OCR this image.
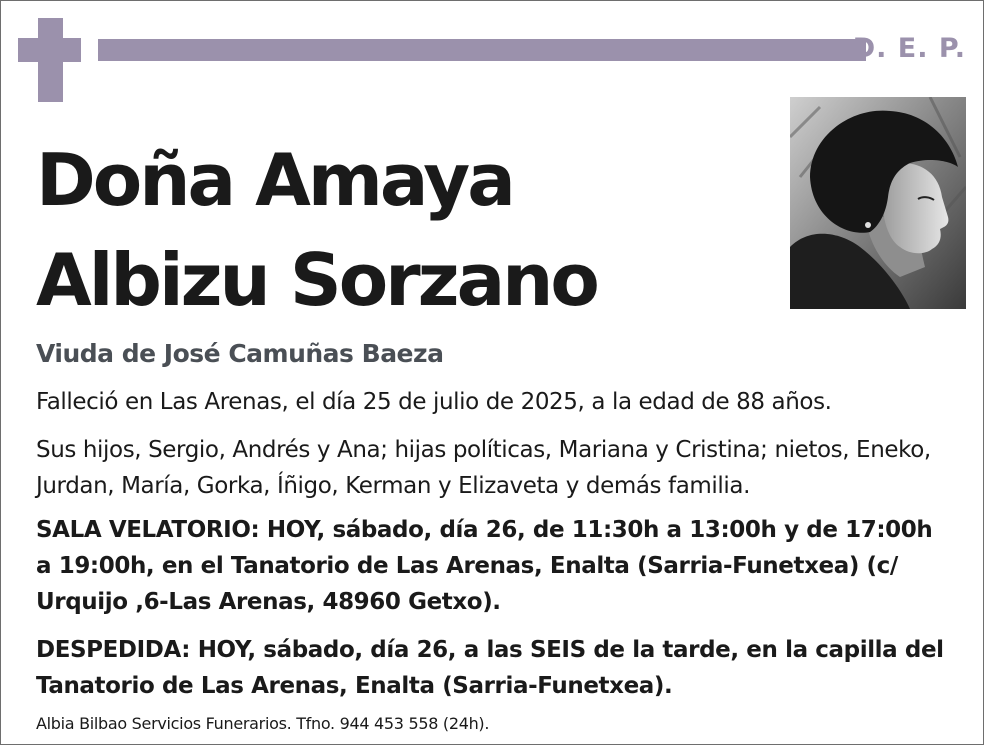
D. E. P.
Doña Amaya
Albizu Sorzano
Viuda de José Camuñas Baeza
Falleció en Las Arenas, el día 25 de julio de 2025, a la edad de 88 años.
Sus hijos, Sergio, Andrés y Ana; hijas políticas, Mariana y Cristina; nietos, Eneko, Jurdan, María, Gorka, Íñigo, Kerman y Elizaveta y demás familia.
SALA VELATORIO: HOY, sábado, día 26, de 11:30h a 13:00h y de 17:00h a 19:00h, en el Tanatorio de Las Arenas, Enalta (Sarria-Funetxea) (c/ Urquijo ,6-Las Arenas, 48960 Getxo).
DESPEDIDA: HOY, sábado, día 26, a las SEIS de la tarde, en la capilla del Tanatorio de Las Arenas, Enalta (Sarria-Funetxea).
Albia Bilbao Servicios Funerarios. Tfno. 944 453 558 (24h).
